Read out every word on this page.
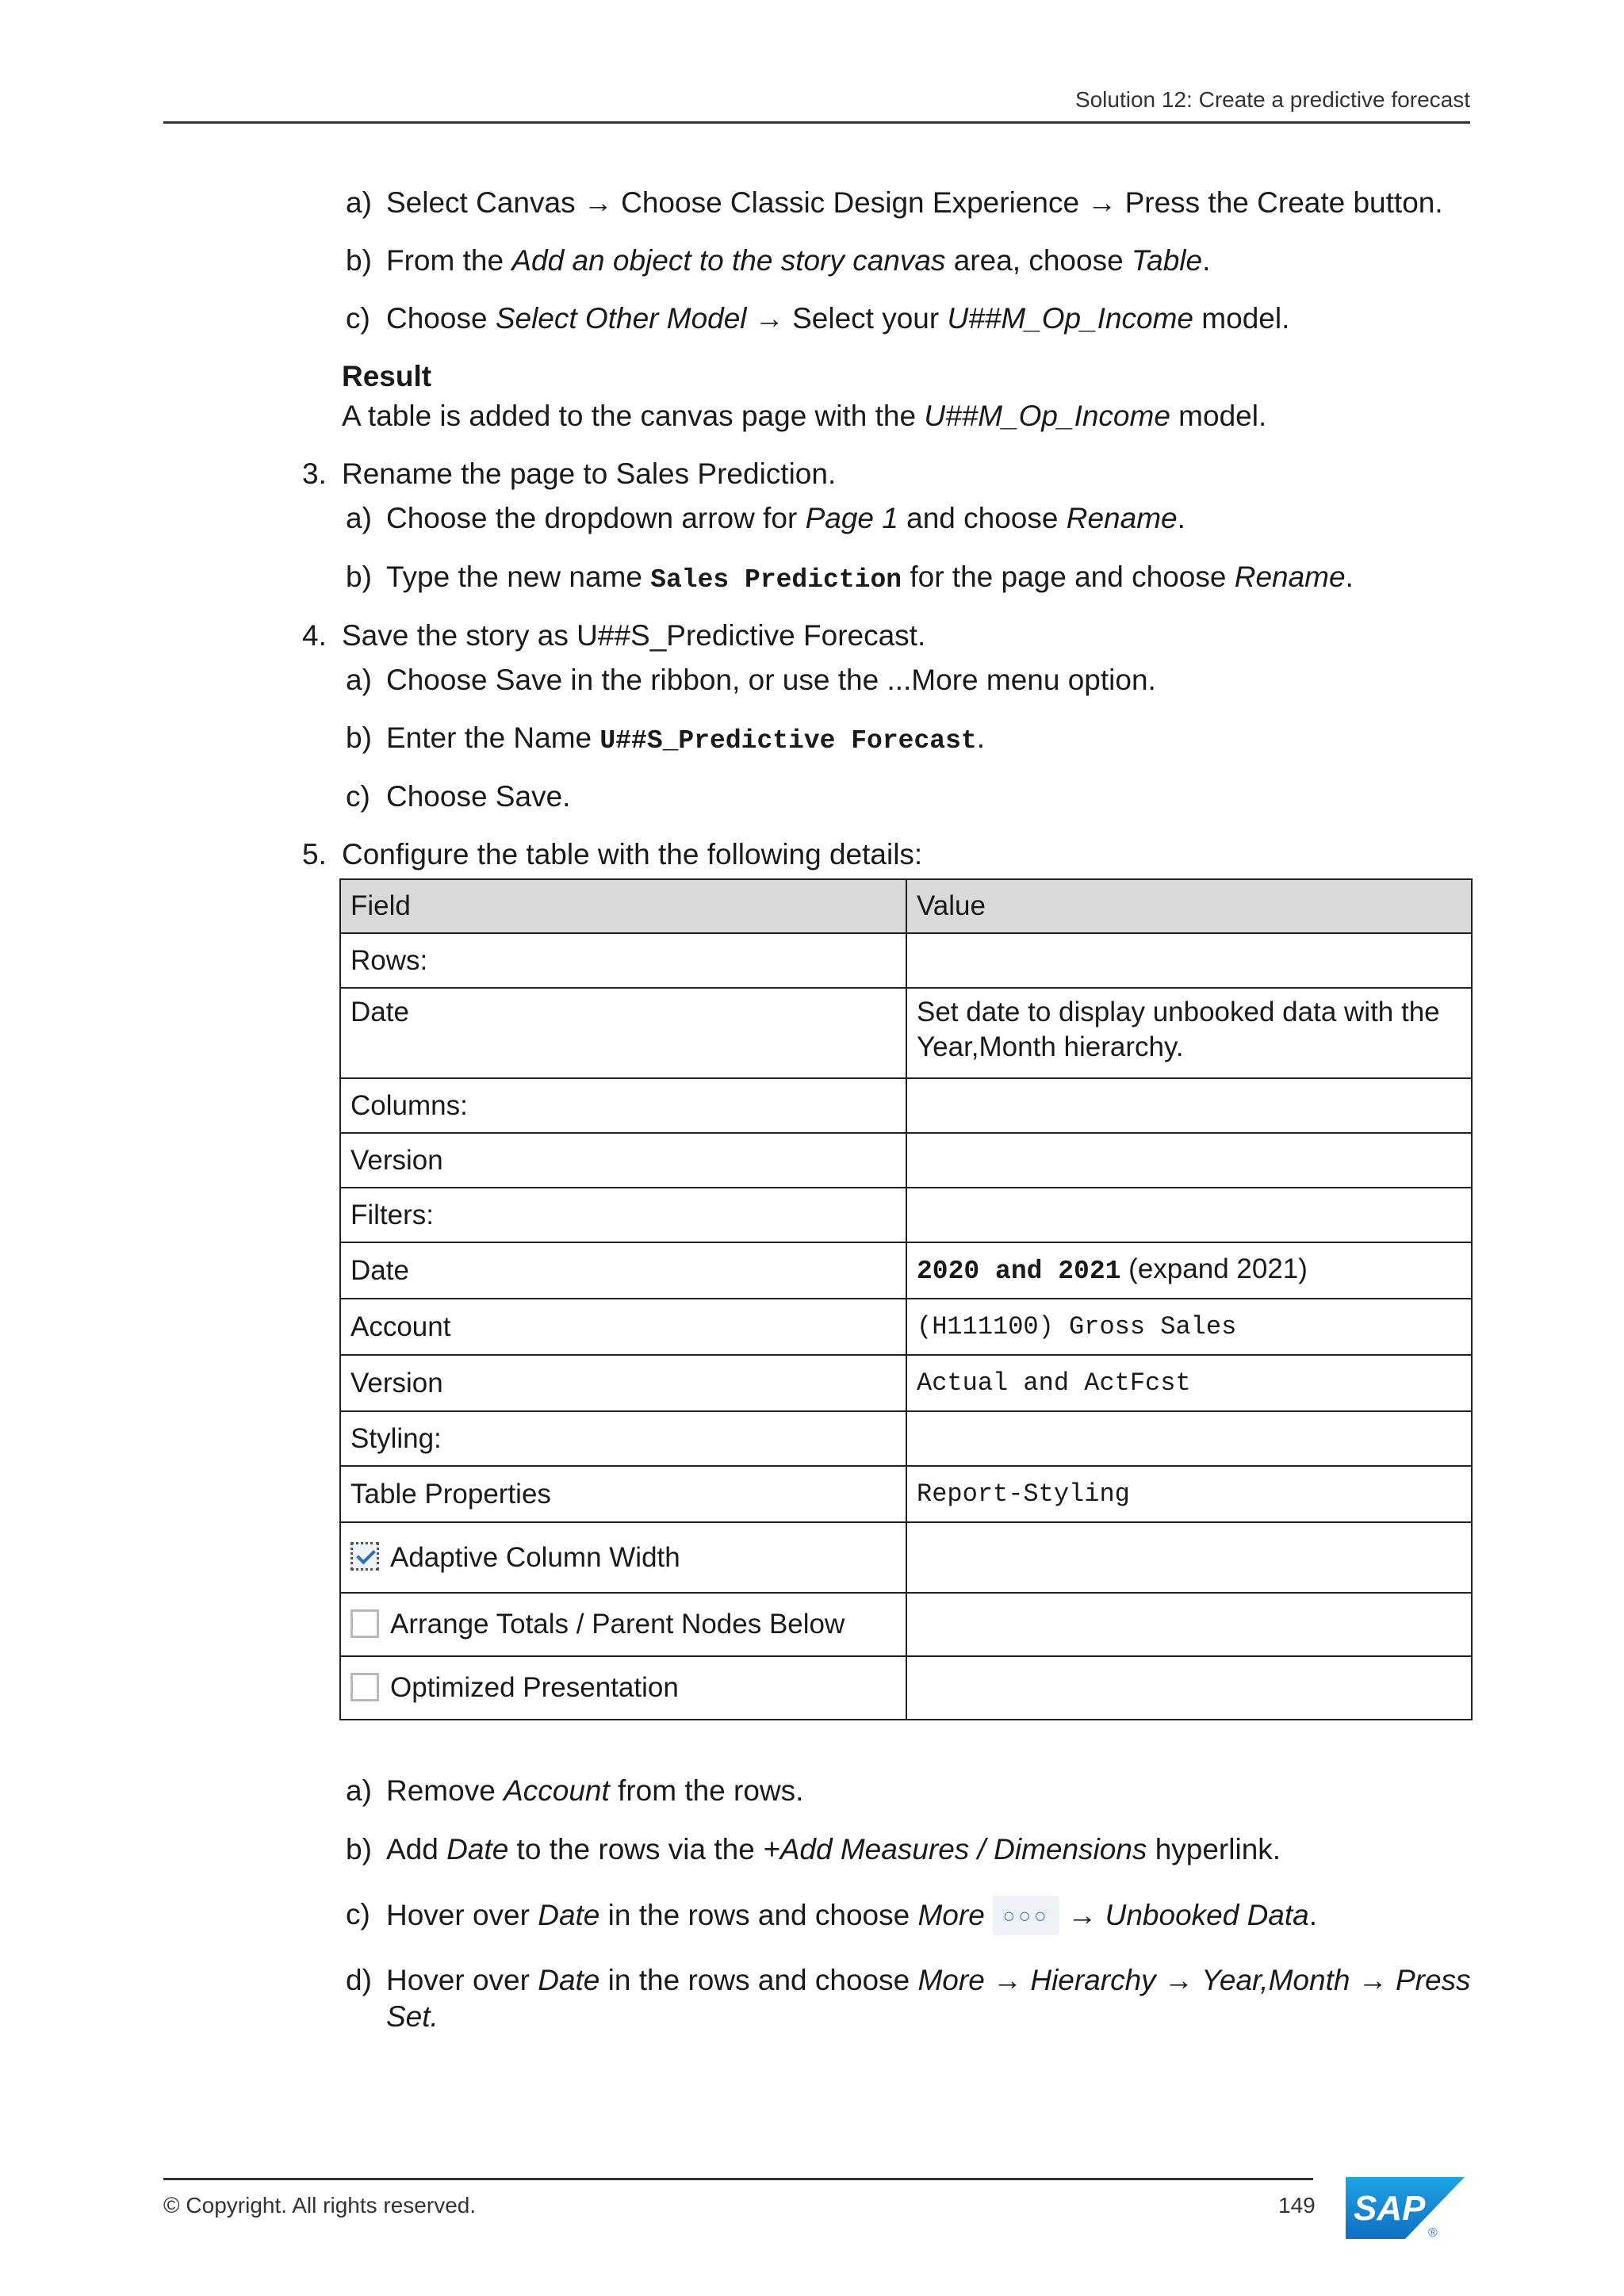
Solution 12: Create a predictive forecast
a) Select Canvas → Choose Classic Design Experience → Press the Create button.
b) From the Add an object to the story canvas area, choose Table.
c) Choose Select Other Model → Select your U##M_Op_Income model.
Result
A table is added to the canvas page with the U##M_Op_Income model.
3. Rename the page to Sales Prediction.
a) Choose the dropdown arrow for Page 1 and choose Rename.
b) Type the new name Sales Prediction for the page and choose Rename.
4. Save the story as U##S_Predictive Forecast.
a) Choose Save in the ribbon, or use the ...More menu option.
b) Enter the Name U##S_Predictive Forecast.
c) Choose Save.
5. Configure the table with the following details:
Field	Value
Rows:	
Date	Set date to display unbooked data with the Year,Month hierarchy.
Columns:	
Version	
Filters:	
Date	2020 and 2021 (expand 2021)
Account	(H111100) Gross Sales
Version	Actual and ActFcst
Styling:	
Table Properties	Report-Styling
Adaptive Column Width	
Arrange Totals / Parent Nodes Below	
Optimized Presentation	
a) Remove Account from the rows.
b) Add Date to the rows via the +Add Measures / Dimensions hyperlink.
c) Hover over Date in the rows and choose More ○○○ → Unbooked Data.
d) Hover over Date in the rows and choose More → Hierarchy → Year,Month → Press
Set.
© Copyright. All rights reserved.	149 SAP
®
